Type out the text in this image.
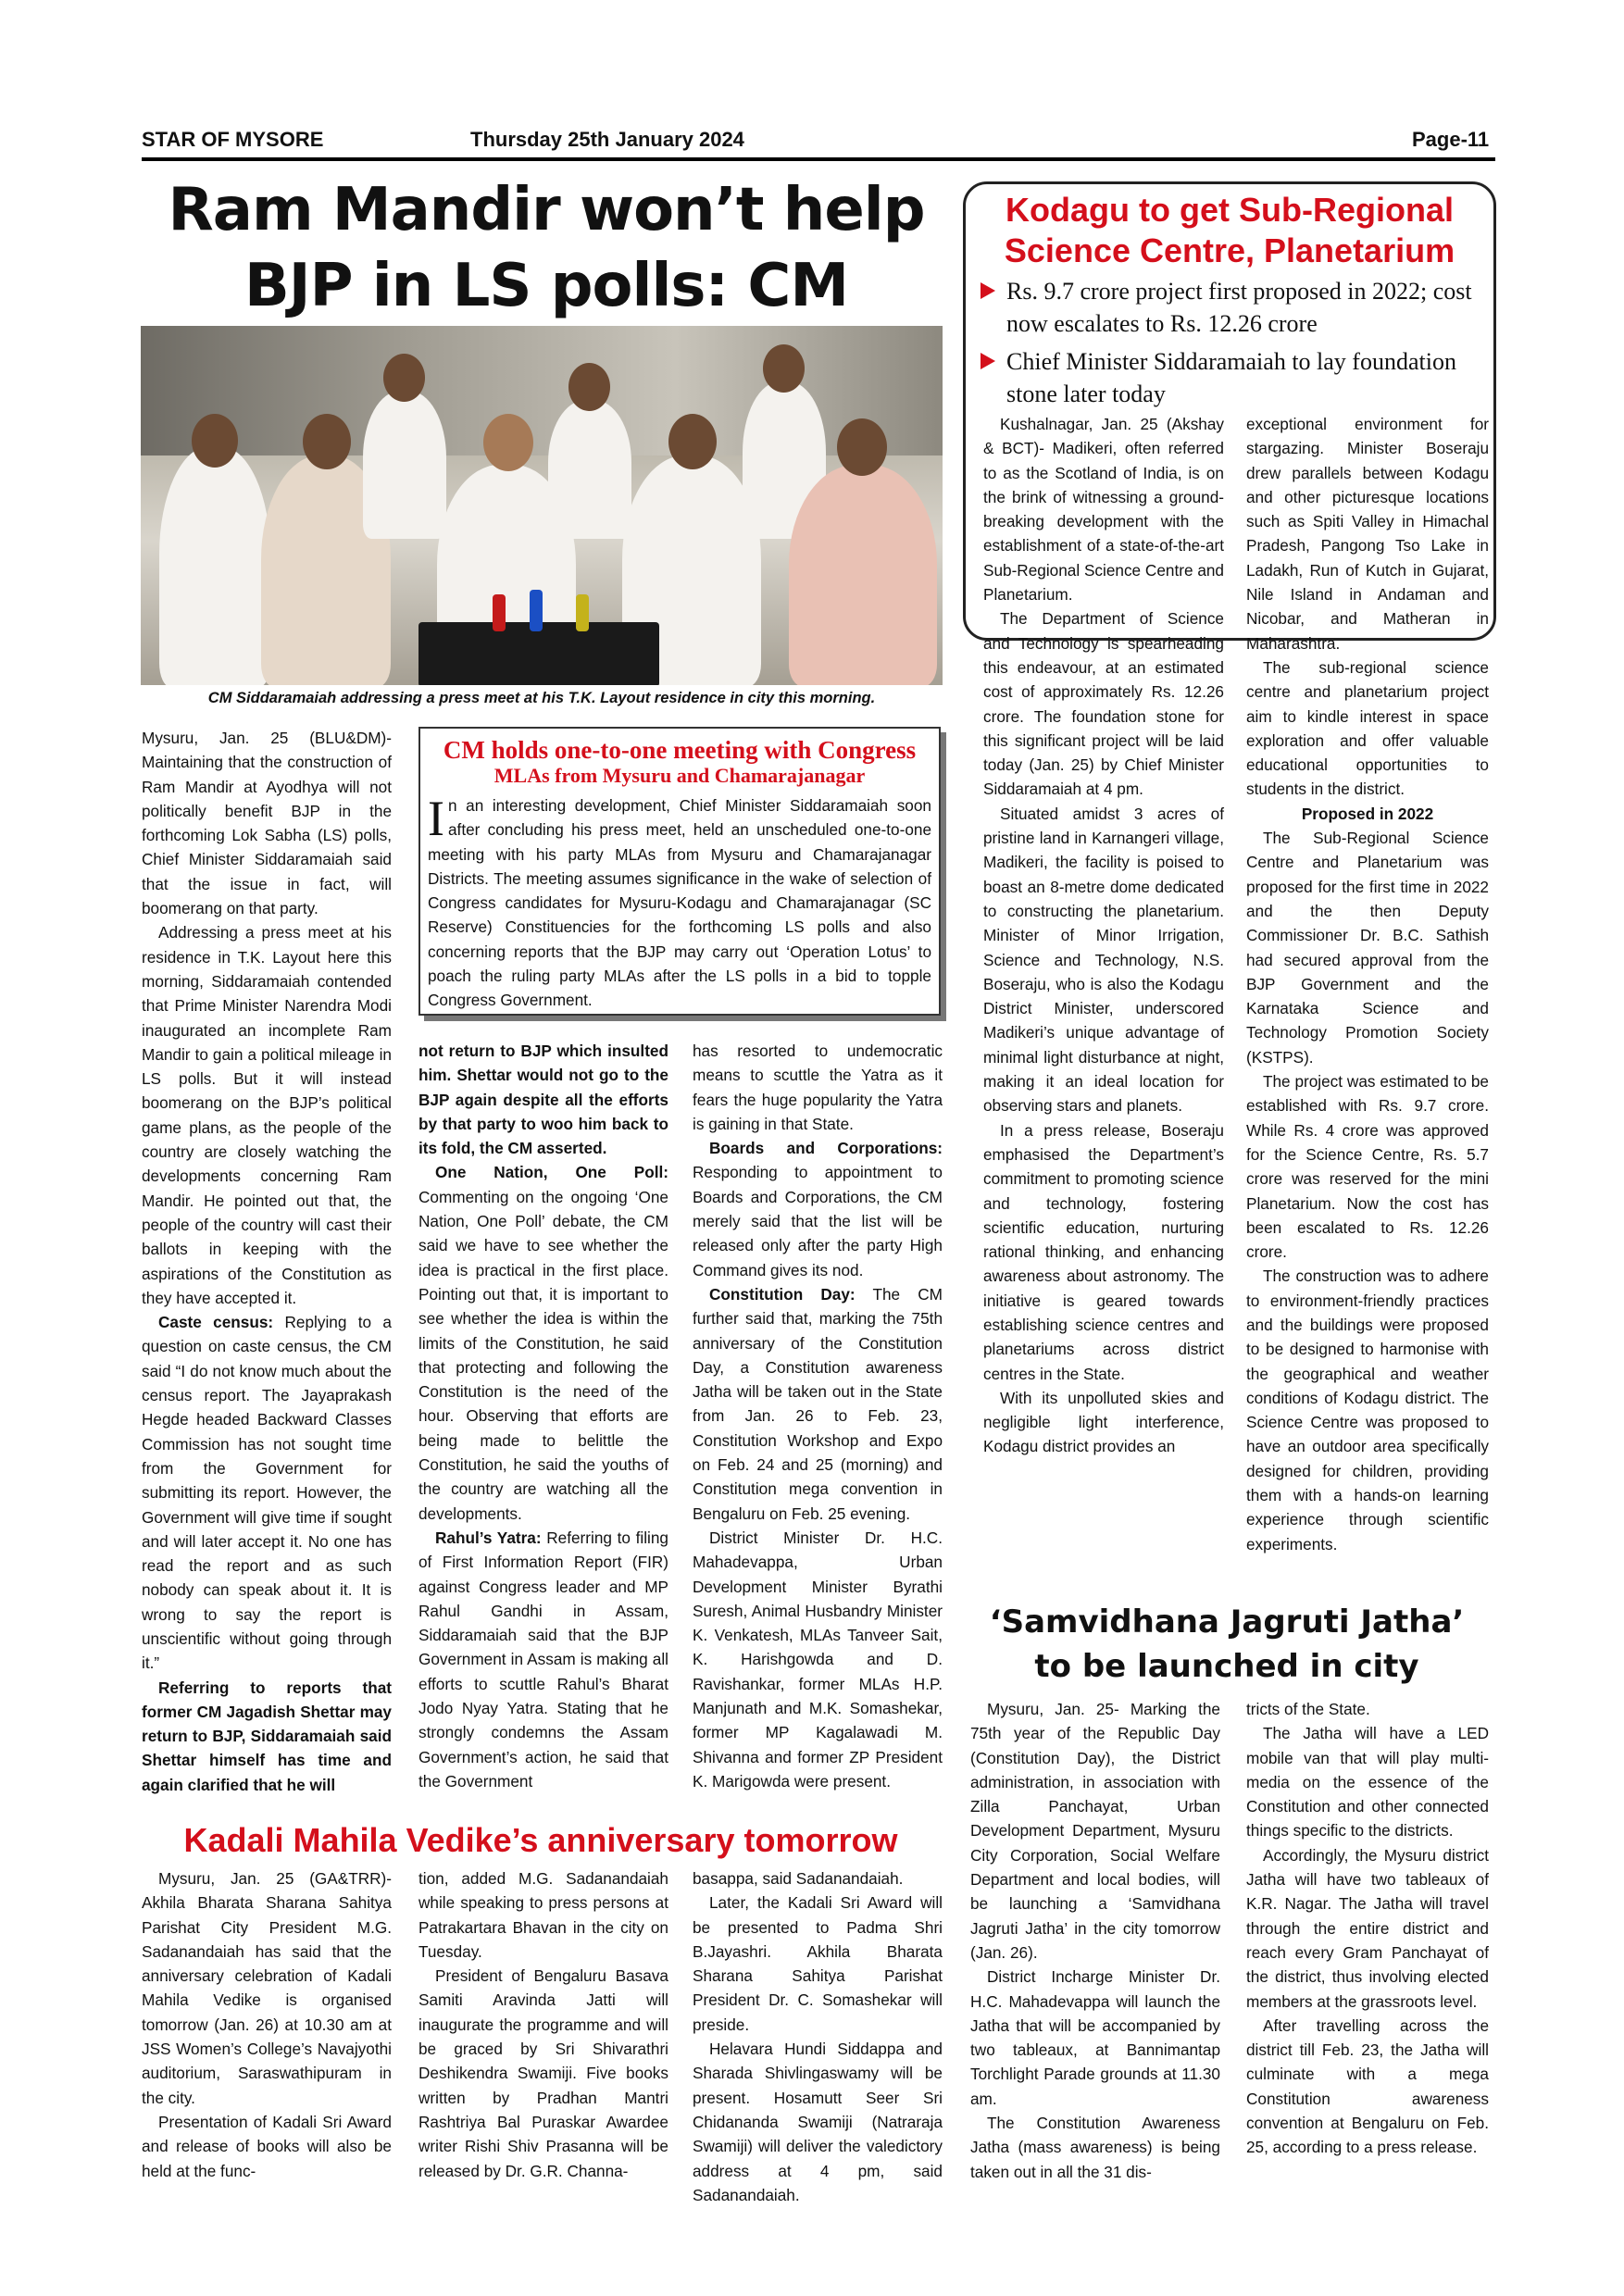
STAR OF MYSORE	Thursday 25th January 2024	Page-11
Ram Mandir won’t help
BJP in LS polls: CM
CM Siddaramaiah addressing a press meet at his T.K. Layout residence in city this morning.

Mysuru, Jan. 25 (BLU&DM)- Maintaining that the construction of Ram Mandir at Ayodhya will not politically benefit BJP in the forthcoming Lok Sabha (LS) polls, Chief Minister Siddaramaiah said that the issue in fact, will boomerang on that party.

Addressing a press meet at his residence in T.K. Layout here this morning, Siddaramaiah contended that Prime Minister Narendra Modi inaugurated an incomplete Ram Mandir to gain a political mileage in LS polls. But it will instead boomerang on the BJP’s political game plans, as the people of the country are closely watching the developments concerning Ram Mandir. He pointed out that, the people of the country will cast their ballots in keeping with the aspirations of the Constitution as they have accepted it.

Caste census: Replying to a question on caste census, the CM said “I do not know much about the census report. The Jayaprakash Hegde headed Backward Classes Commission has not sought time from the Government for submitting its report. However, the Government will give time if sought and will later accept it. No one has read the report and as such nobody can speak about it. It is wrong to say the report is unscientific without going through it.”

Referring to reports that former CM Jagadish Shettar may return to BJP, Siddaramaiah said Shettar himself has time and again clarified that he will

CM holds one-to-one meeting with Congress
MLAs from Mysuru and Chamarajanagar
In an interesting development, Chief Minister Siddaramaiah soon after concluding his press meet, held an unscheduled one-to-one meeting with his party MLAs from Mysuru and Chamarajanagar Districts. The meeting assumes significance in the wake of selection of Congress candidates for Mysuru-Kodagu and Chamarajanagar (SC Reserve) Constituencies for the forthcoming LS polls and also concerning reports that the BJP may carry out ‘Operation Lotus’ to poach the ruling party MLAs after the LS polls in a bid to topple Congress Government.

not return to BJP which insulted him. Shettar would not go to the BJP again despite all the efforts by that party to woo him back to its fold, the CM asserted.

One Nation, One Poll: Commenting on the ongoing ‘One Nation, One Poll’ debate, the CM said we have to see whether the idea is practical in the first place. Pointing out that, it is important to see whether the idea is within the limits of the Constitution, he said that protecting and following the Constitution is the need of the hour. Observing that efforts are being made to belittle the Constitution, he said the youths of the country are watching all the developments.

Rahul’s Yatra: Referring to filing of First Information Report (FIR) against Congress leader and MP Rahul Gandhi in Assam, Siddaramaiah said that the BJP Government in Assam is making all efforts to scuttle Rahul’s Bharat Jodo Nyay Yatra. Stating that he strongly condemns the Assam Government’s action, he said that the Government

has resorted to undemocratic means to scuttle the Yatra as it fears the huge popularity the Yatra is gaining in that State.

Boards and Corporations: Responding to appointment to Boards and Corporations, the CM merely said that the list will be released only after the party High Command gives its nod.

Constitution Day: The CM further said that, marking the 75th anniversary of the Constitution Day, a Constitution awareness Jatha will be taken out in the State from Jan. 26 to Feb. 23, Constitution Workshop and Expo on Feb. 24 and 25 (morning) and Constitution mega convention in Bengaluru on Feb. 25 evening.

District Minister Dr. H.C. Mahadevappa, Urban Development Minister Byrathi Suresh, Animal Husbandry Minister K. Venkatesh, MLAs Tanveer Sait, K. Harishgowda and D. Ravishankar, former MLAs H.P. Manjunath and M.K. Somashekar, former MP Kagalawadi M. Shivanna and former ZP President K. Marigowda were present.

Kodagu to get Sub-Regional
Science Centre, Planetarium
Rs. 9.7 crore project first proposed in 2022; cost now escalates to Rs. 12.26 crore
Chief Minister Siddaramaiah to lay foundation stone later today

Kushalnagar, Jan. 25 (Akshay & BCT)- Madikeri, often referred to as the Scotland of India, is on the brink of witnessing a ground-breaking development with the establishment of a state-of-the-art Sub-Regional Science Centre and Planetarium.

The Department of Science and Technology is spearheading this endeavour, at an estimated cost of approximately Rs. 12.26 crore. The foundation stone for this significant project will be laid today (Jan. 25) by Chief Minister Siddaramaiah at 4 pm.

Situated amidst 3 acres of pristine land in Karnangeri village, Madikeri, the facility is poised to boast an 8-metre dome dedicated to constructing the planetarium. Minister of Minor Irrigation, Science and Technology, N.S. Boseraju, who is also the Kodagu District Minister, underscored Madikeri’s unique advantage of minimal light disturbance at night, making it an ideal location for observing stars and planets.

In a press release, Boseraju emphasised the Department’s commitment to promoting science and technology, fostering scientific education, nurturing rational thinking, and enhancing awareness about astronomy. The initiative is geared towards establishing science centres and planetariums across district centres in the State.

With its unpolluted skies and negligible light interference, Kodagu district provides an

exceptional environment for stargazing. Minister Boseraju drew parallels between Kodagu and other picturesque locations such as Spiti Valley in Himachal Pradesh, Pangong Tso Lake in Ladakh, Run of Kutch in Gujarat, Nile Island in Andaman and Nicobar, and Matheran in Maharashtra.

The sub-regional science centre and planetarium project aim to kindle interest in space exploration and offer valuable educational opportunities to students in the district.

Proposed in 2022

The Sub-Regional Science Centre and Planetarium was proposed for the first time in 2022 and the then Deputy Commissioner Dr. B.C. Sathish had secured approval from the BJP Government and the Karnataka Science and Technology Promotion Society (KSTPS).

The project was estimated to be established with Rs. 9.7 crore. While Rs. 4 crore was approved for the Science Centre, Rs. 5.7 crore was reserved for the mini Planetarium. Now the cost has been escalated to Rs. 12.26 crore.

The construction was to adhere to environment-friendly practices and the buildings were proposed to be designed to harmonise with the geographical and weather conditions of Kodagu district. The Science Centre was proposed to have an outdoor area specifically designed for children, providing them with a hands-on learning experience through scientific experiments.

‘Samvidhana Jagruti Jatha’
to be launched in city

Mysuru, Jan. 25- Marking the 75th year of the Republic Day (Constitution Day), the District administration, in association with Zilla Panchayat, Urban Development Department, Mysuru City Corporation, Social Welfare Department and local bodies, will be launching a ‘Samvidhana Jagruti Jatha’ in the city tomorrow (Jan. 26).

District Incharge Minister Dr. H.C. Mahadevappa will launch the Jatha that will be accompanied by two tableaux, at Bannimantap Torchlight Parade grounds at 11.30 am.

The Constitution Awareness Jatha (mass awareness) is being taken out in all the 31 dis-

tricts of the State.

The Jatha will have a LED mobile van that will play multi-media on the essence of the Constitution and other connected things specific to the districts.

Accordingly, the Mysuru district Jatha will have two tableaux of K.R. Nagar. The Jatha will travel through the entire district and reach every Gram Panchayat of the district, thus involving elected members at the grassroots level.

After travelling across the district till Feb. 23, the Jatha will culminate with a mega Constitution awareness convention at Bengaluru on Feb. 25, according to a press release.

Kadali Mahila Vedike’s anniversary tomorrow

Mysuru, Jan. 25 (GA&TRR)- Akhila Bharata Sharana Sahitya Parishat City President M.G. Sadanandaiah has said that the anniversary celebration of Kadali Mahila Vedike is organised tomorrow (Jan. 26) at 10.30 am at JSS Women’s College’s Navajyothi auditorium, Saraswathipuram in the city.

Presentation of Kadali Sri Award and release of books will also be held at the func-

tion, added M.G. Sadanandaiah while speaking to press persons at Patrakartara Bhavan in the city on Tuesday.

President of Bengaluru Basava Samiti Aravinda Jatti will inaugurate the programme and will be graced by Sri Shivarathri Deshikendra Swamiji. Five books written by Pradhan Mantri Rashtriya Bal Puraskar Awardee writer Rishi Shiv Prasanna will be released by Dr. G.R. Channa-

basappa, said Sadanandaiah.

Later, the Kadali Sri Award will be presented to Padma Shri B.Jayashri. Akhila Bharata Sharana Sahitya Parishat President Dr. C. Somashekar will preside.

Helavara Hundi Siddappa and Sharada Shivlingaswamy will be present. Hosamutt Seer Sri Chidananda Swamiji (Natraraja Swamiji) will deliver the valedictory address at 4 pm, said Sadanandaiah.
